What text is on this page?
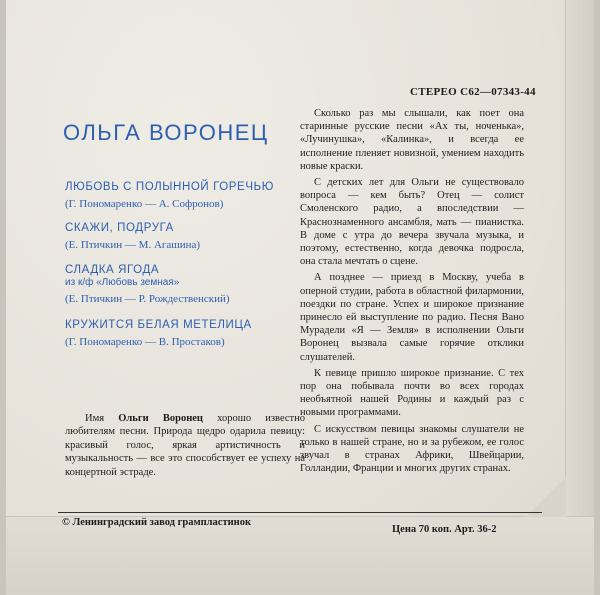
СТЕРЕО С62—07343-44
ОЛЬГА ВОРОНЕЦ
ЛЮБОВЬ С ПОЛЫННОЙ ГОРЕЧЬЮ
(Г. Пономаренко — А. Софронов)
СКАЖИ, ПОДРУГА
(Е. Птичкин — М. Агашина)
СЛАДКА ЯГОДА
из к/ф «Любовь земная»
(Е. Птичкин — Р. Рождественский)
КРУЖИТСЯ БЕЛАЯ МЕТЕЛИЦА
(Г. Пономаренко — В. Простаков)
Имя Ольги Воронец хорошо известно любителям песни. Природа щедро одарила певицу: красивый голос, яркая артистичность и музыкальность — все это способствует ее успеху на концертной эстраде.

Сколько раз мы слышали, как поет она старинные русские песни «Ах ты, ноченька», «Лучинушка», «Калинка», и всегда ее исполнение пленяет новизной, умением находить новые краски.

С детских лет для Ольги не существовало вопроса — кем быть? Отец — солист Смоленского радио, а впоследствии — Краснознаменного ансамбля, мать — пианистка. В доме с утра до вечера звучала музыка, и поэтому, естественно, когда девочка подросла, она стала мечтать о сцене.

А позднее — приезд в Москву, учеба в оперной студии, работа в областной филармонии, поездки по стране. Успех и широкое признание принесло ей выступление по радио. Песня Вано Мурадели «Я — Земля» в исполнении Ольги Воронец вызвала самые горячие отклики слушателей.

К певице пришло широкое признание. С тех пор она побывала почти во всех городах необъятной нашей Родины и каждый раз с новыми программами.

С искусством певицы знакомы слушатели не только в нашей стране, но и за рубежом, ее голос звучал в странах Африки, Швейцарии, Голландии, Франции и многих других странах.

© Ленинградский завод грампластинок
Цена 70 коп. Арт. 36-2
